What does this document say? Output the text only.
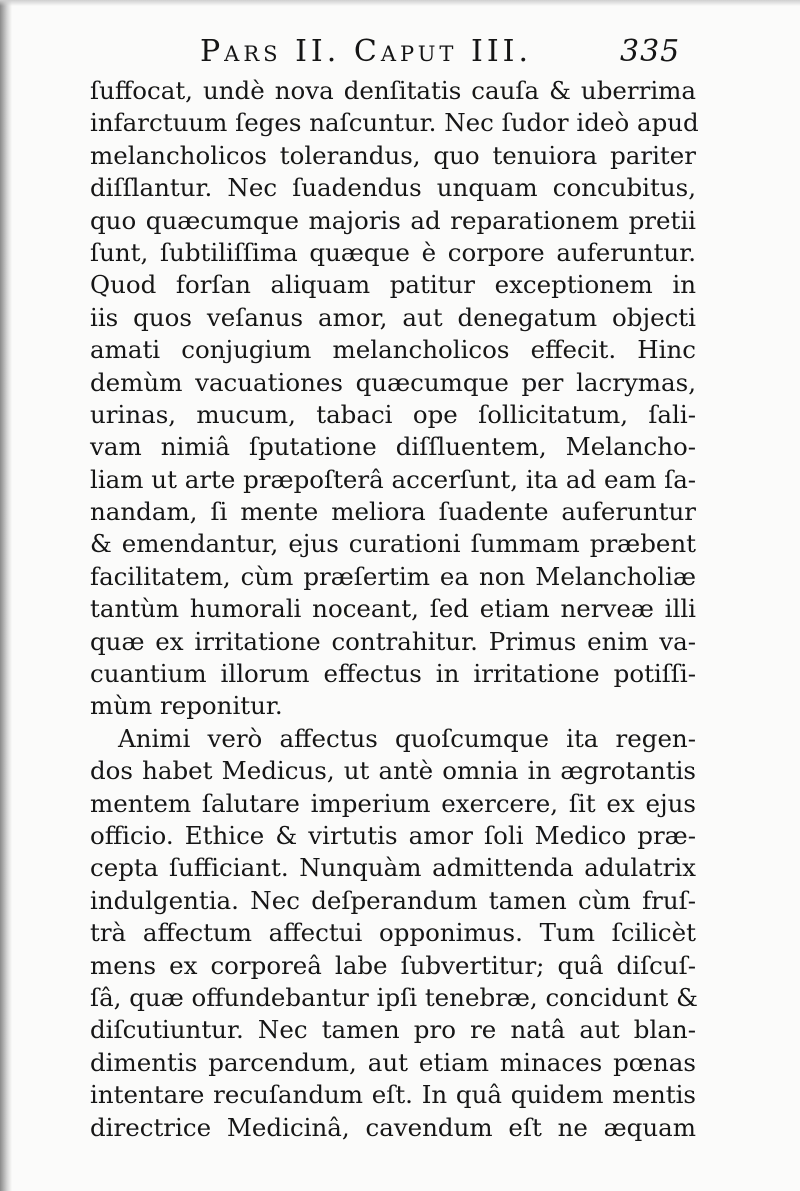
Pars II. Caput III.	335
ſuffocat, undè nova denſitatis cauſa & uberrima
infarctuum ſeges naſcuntur. Nec ſudor ideò apud
melancholicos tolerandus, quo tenuiora pariter
diſſlantur. Nec ſuadendus unquam concubitus,
quo quæcumque majoris ad reparationem pretii
ſunt, ſubtiliſſima quæque è corpore auferuntur.
Quod forſan aliquam patitur exceptionem in
iis quos veſanus amor, aut denegatum objecti
amati conjugium melancholicos effecit. Hinc
demùm vacuationes quæcumque per lacrymas,
urinas, mucum, tabaci ope ſollicitatum, ſali-
vam nimiâ ſputatione diſſluentem, Melancho-
liam ut arte præpoſterâ accerſunt, ita ad eam ſa-
nandam, ſi mente meliora ſuadente auferuntur
& emendantur, ejus curationi ſummam præbent
facilitatem, cùm præſertim ea non Melancholiæ
tantùm humorali noceant, ſed etiam nerveæ illi
quæ ex irritatione contrahitur. Primus enim va-
cuantium illorum effectus in irritatione potiſſi-
mùm reponitur.
Animi verò affectus quoſcumque ita regen-
dos habet Medicus, ut antè omnia in ægrotantis
mentem ſalutare imperium exercere, ſit ex ejus
officio. Ethice & virtutis amor ſoli Medico præ-
cepta ſufficiant. Nunquàm admittenda adulatrix
indulgentia. Nec deſperandum tamen cùm fruſ-
trà affectum affectui opponimus. Tum ſcilicèt
mens ex corporeâ labe ſubvertitur; quâ diſcuſ-
ſâ, quæ offundebantur ipſi tenebræ, concidunt &
diſcutiuntur. Nec tamen pro re natâ aut blan-
dimentis parcendum, aut etiam minaces pœnas
intentare recuſandum eſt. In quâ quidem mentis
directrice Medicinâ, cavendum eſt ne æquam
